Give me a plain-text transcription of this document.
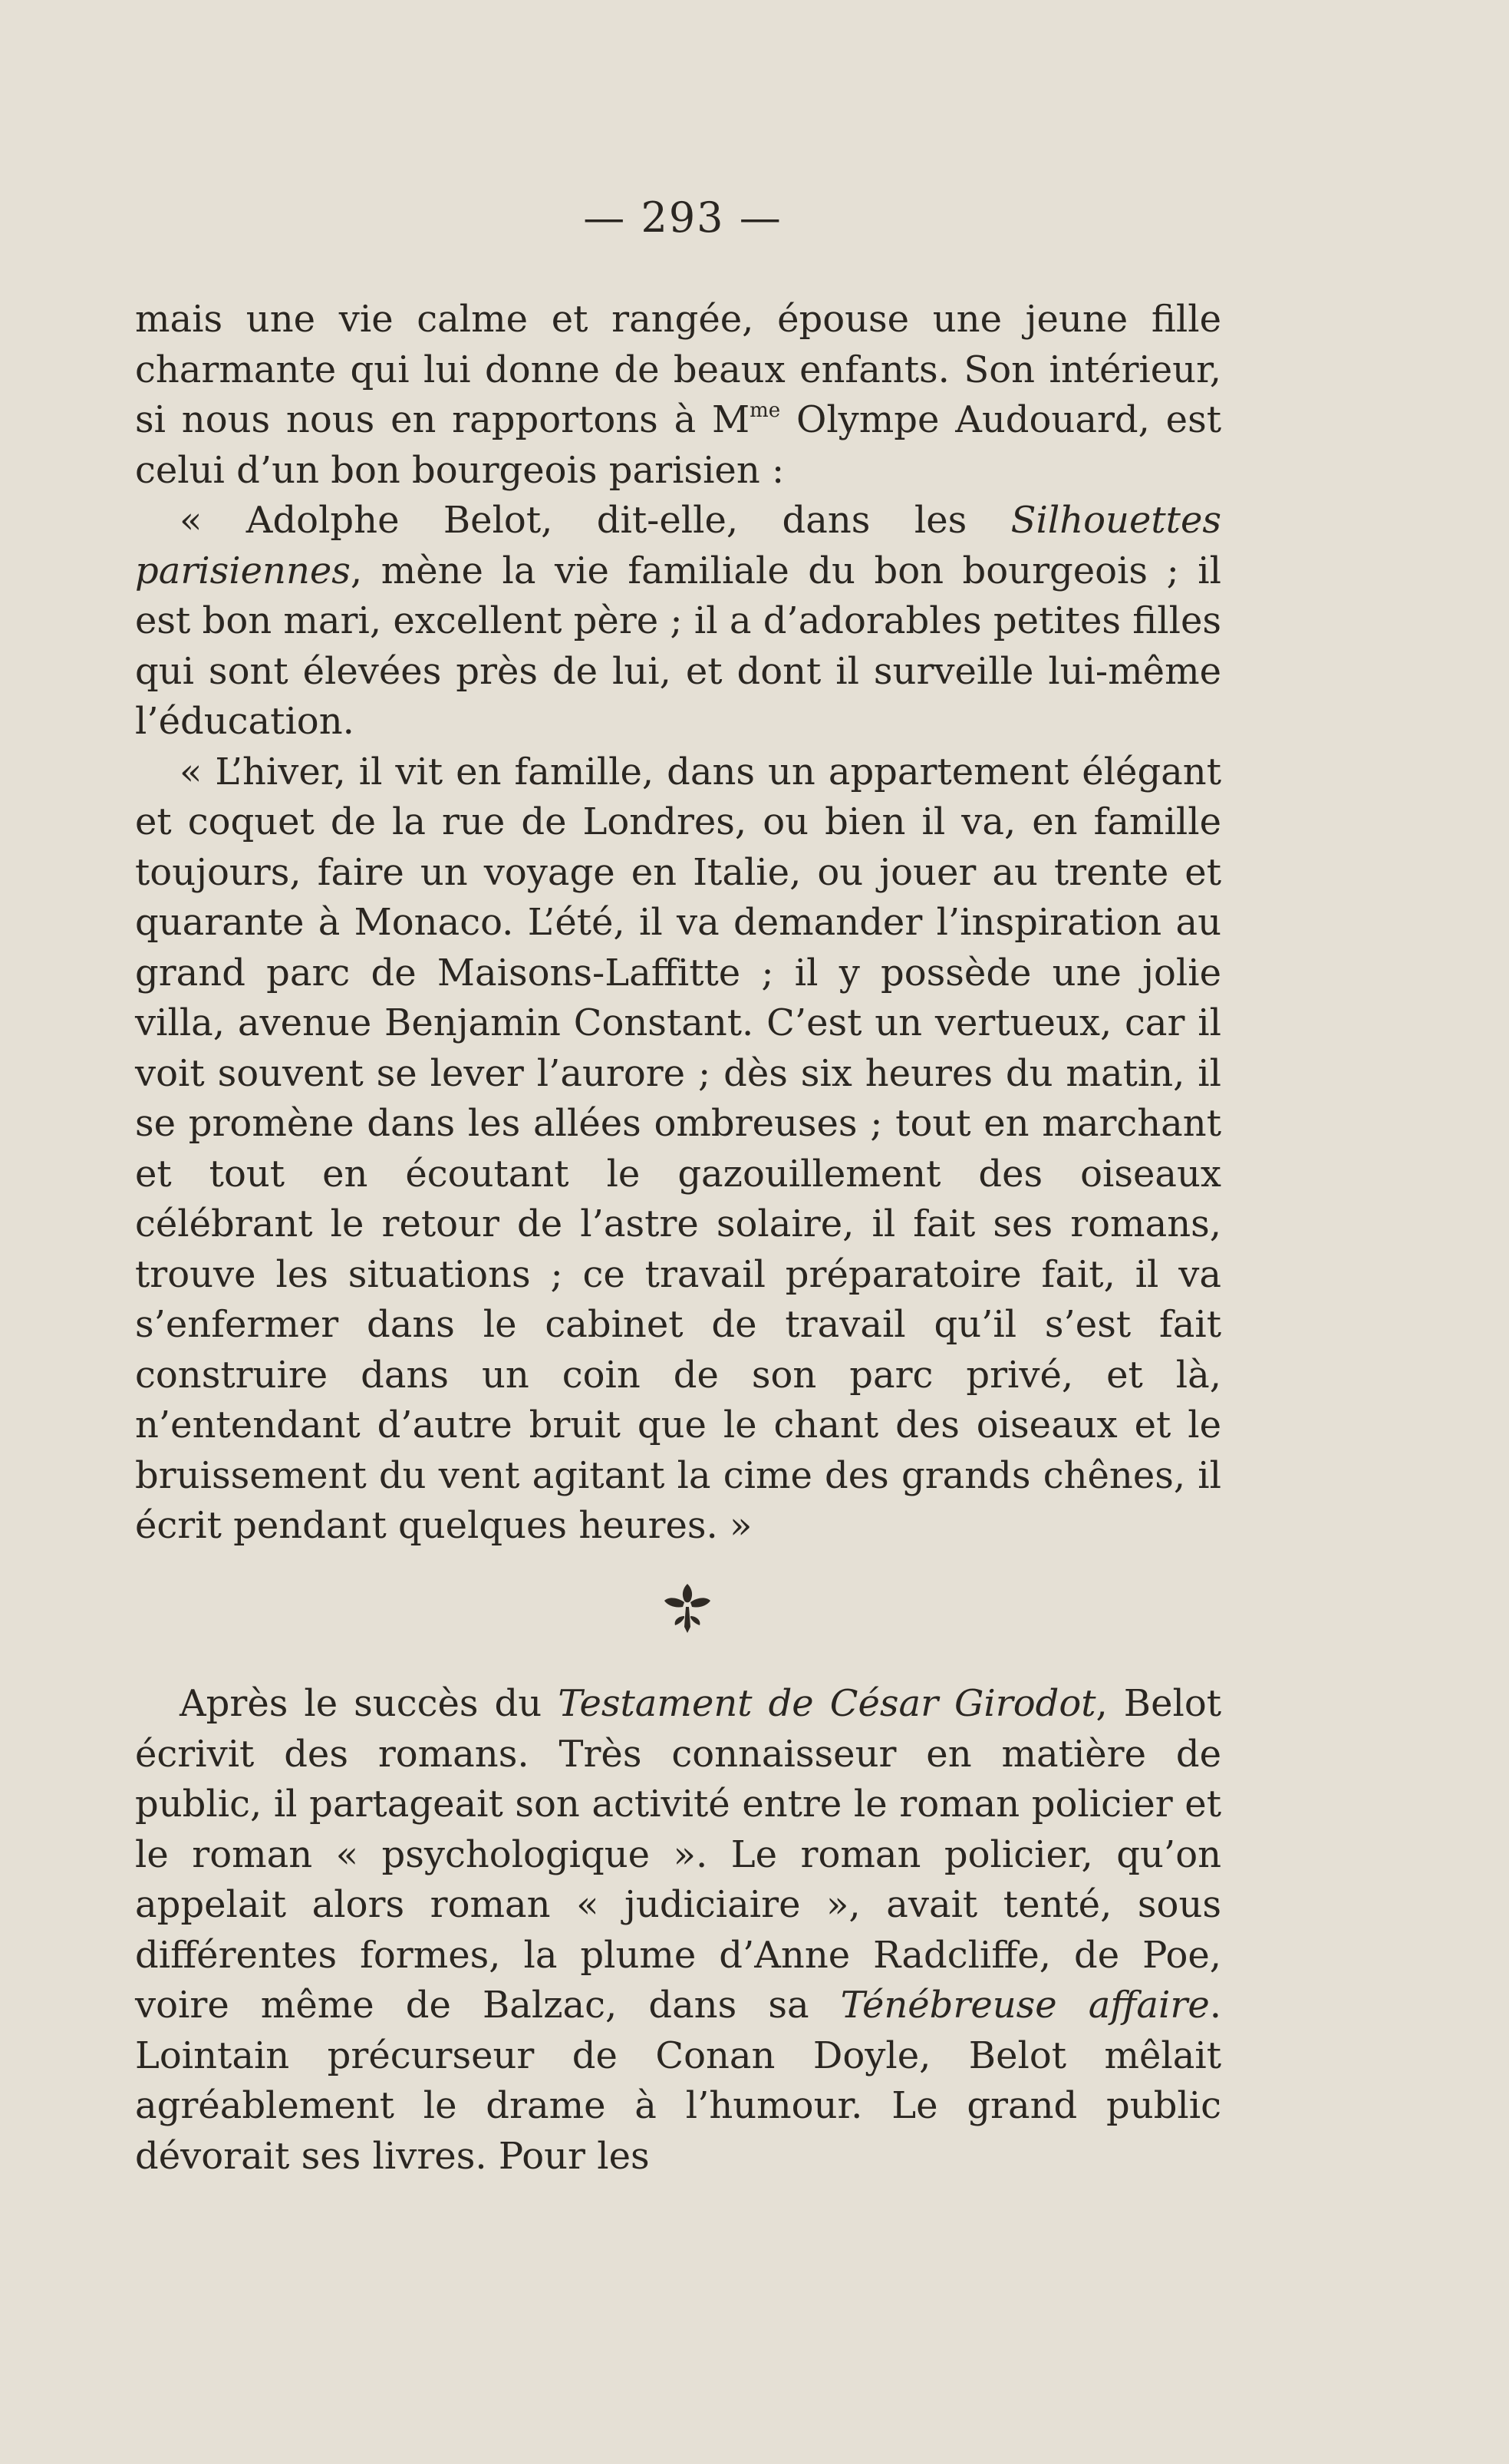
— 293 —

mais une vie calme et rangée, épouse une jeune fille charmante qui lui donne de beaux enfants. Son intérieur, si nous nous en rapportons à $M^{me}$ Olympe Audouard, est celui d’un bon bourgeois parisien :

« Adolphe Belot, dit-elle, dans les Silhouettes parisiennes, mène la vie familiale du bon bourgeois ; il est bon mari, excellent père ; il a d’adorables petites filles qui sont élevées près de lui, et dont il surveille lui-même l’éducation.

« L’hiver, il vit en famille, dans un appartement élégant et coquet de la rue de Londres, ou bien il va, en famille toujours, faire un voyage en Italie, ou jouer au trente et quarante à Monaco. L’été, il va demander l’inspiration au grand parc de Maisons-Laffitte ; il y possède une jolie villa, avenue Benjamin Constant. C’est un vertueux, car il voit souvent se lever l’aurore ; dès six heures du matin, il se promène dans les allées ombreuses ; tout en marchant et tout en écoutant le gazouillement des oiseaux célébrant le retour de l’astre solaire, il fait ses romans, trouve les situations ; ce travail préparatoire fait, il va s’enfermer dans le cabinet de travail qu’il s’est fait construire dans un coin de son parc privé, et là, n’entendant d’autre bruit que le chant des oiseaux et le bruissement du vent agitant la cime des grands chênes, il écrit pendant quelques heures. »

Après le succès du Testament de César Girodot, Belot écrivit des romans. Très connaisseur en matière de public, il partageait son activité entre le roman policier et le roman « psychologique ». Le roman policier, qu’on appelait alors roman « judiciaire », avait tenté, sous différentes formes, la plume d’Anne Radcliffe, de Poe, voire même de Balzac, dans sa Ténébreuse affaire. Lointain précurseur de Conan Doyle, Belot mêlait agréablement le drame à l’humour. Le grand public dévorait ses livres. Pour les
